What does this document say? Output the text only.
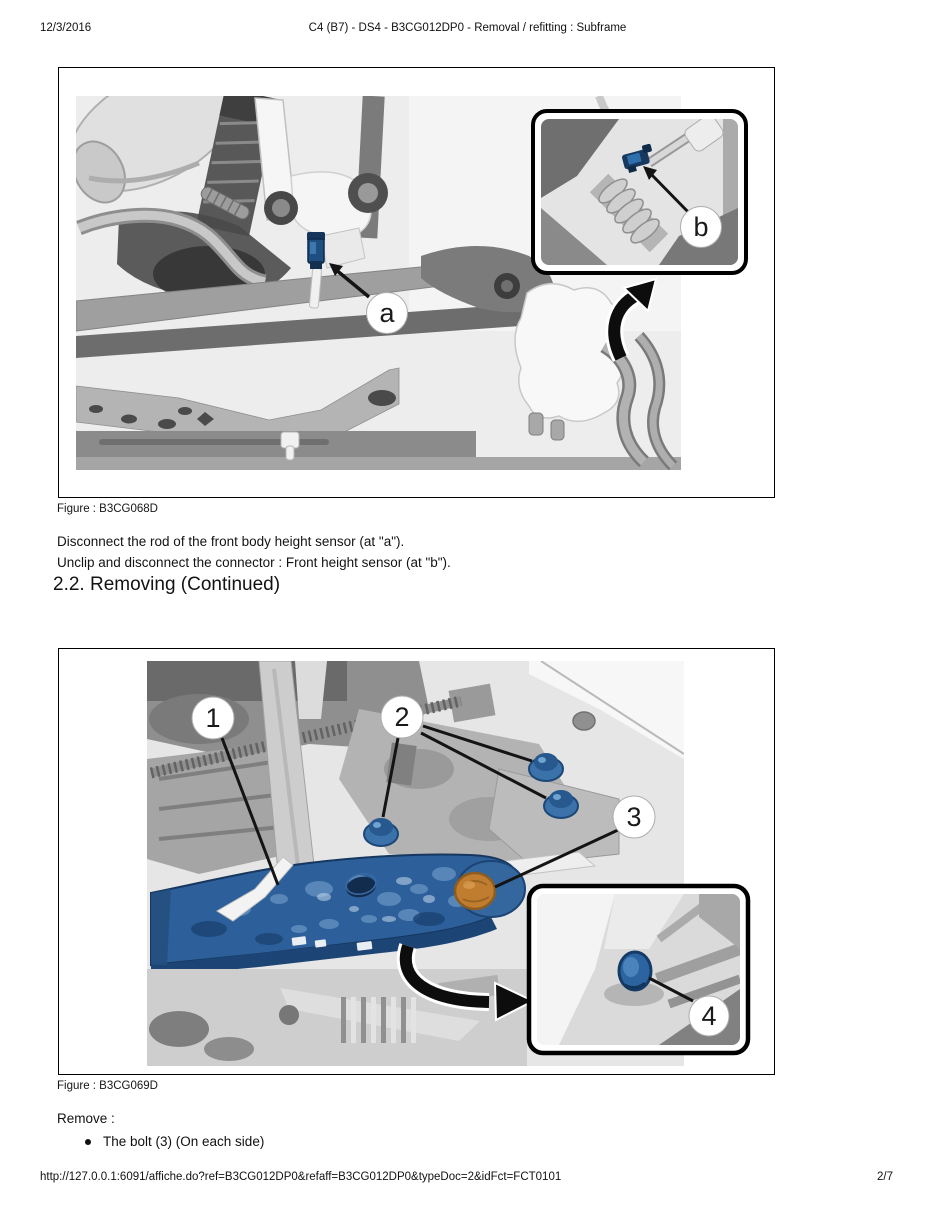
12/3/2016	C4 (B7) - DS4 - B3CG012DP0 - Removal / refitting : Subframe
a
b
Figure : B3CG068D
Disconnect the rod of the front body height sensor (at "a").
Unclip and disconnect the connector : Front height sensor (at "b").
2.2. Removing (Continued)
1	2
3
4
Figure : B3CG069D
Remove :
The bolt (3) (On each side)
http://127.0.0.1:6091/affiche.do?ref=B3CG012DP0&refaff=B3CG012DP0&typeDoc=2&idFct=FCT0101	2/7
